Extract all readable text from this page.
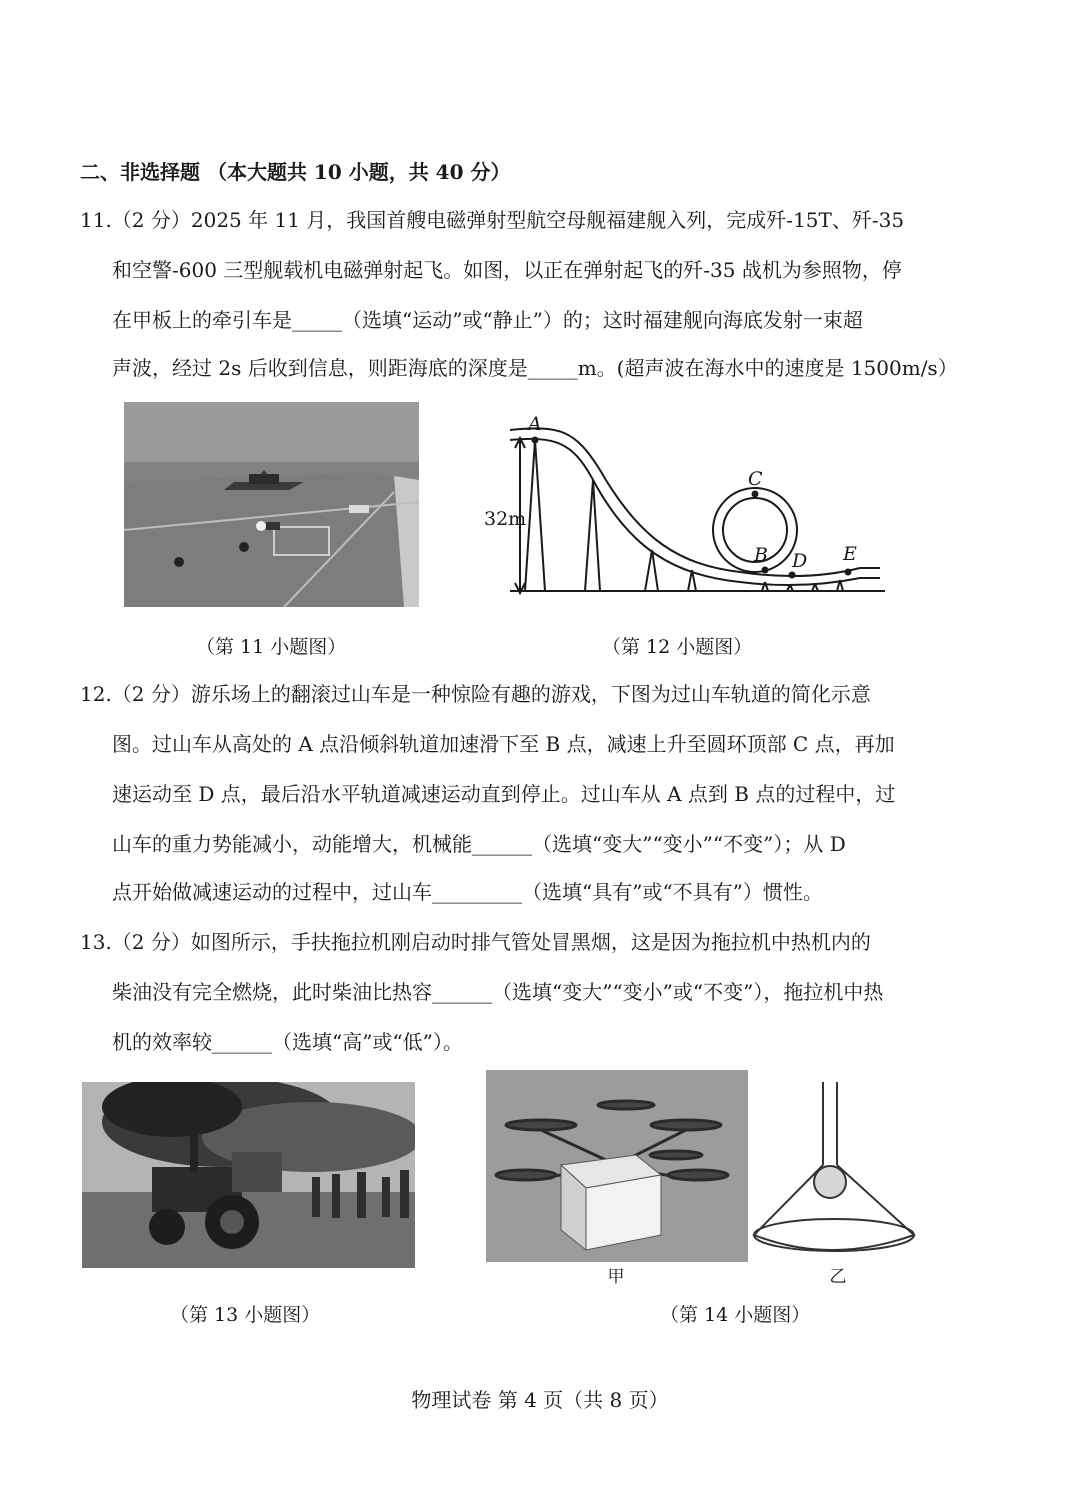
二、非选择题 （本大题共 10 小题，共 40 分）
11.（2 分）2025 年 11 月，我国首艘电磁弹射型航空母舰福建舰入列，完成歼-15T、歼-35
和空警-600 三型舰载机电磁弹射起飞。如图，以正在弹射起飞的歼-35 战机为参照物，停
在甲板上的牵引车是_____（选填“运动”或“静止”）的；这时福建舰向海底发射一束超
声波，经过 2s 后收到信息，则距海底的深度是_____m。(超声波在海水中的速度是 1500m/s）
A
C
B D E
32m
（第 11 小题图）	（第 12 小题图）
12.（2 分）游乐场上的翻滚过山车是一种惊险有趣的游戏，下图为过山车轨道的简化示意
图。过山车从高处的 A 点沿倾斜轨道加速滑下至 B 点，减速上升至圆环顶部 C 点，再加
速运动至 D 点，最后沿水平轨道减速运动直到停止。过山车从 A 点到 B 点的过程中，过
山车的重力势能减小，动能增大，机械能______（选填“变大”“变小”“不变”）；从 D
点开始做减速运动的过程中，过山车_________（选填“具有”或“不具有”）惯性。
13.（2 分）如图所示，手扶拖拉机刚启动时排气管处冒黑烟，这是因为拖拉机中热机内的
柴油没有完全燃烧，此时柴油比热容______（选填“变大”“变小”或“不变”），拖拉机中热
机的效率较______（选填“高”或“低”）。
甲	乙
（第 13 小题图）	（第 14 小题图）
物理试卷 第 4 页（共 8 页）
